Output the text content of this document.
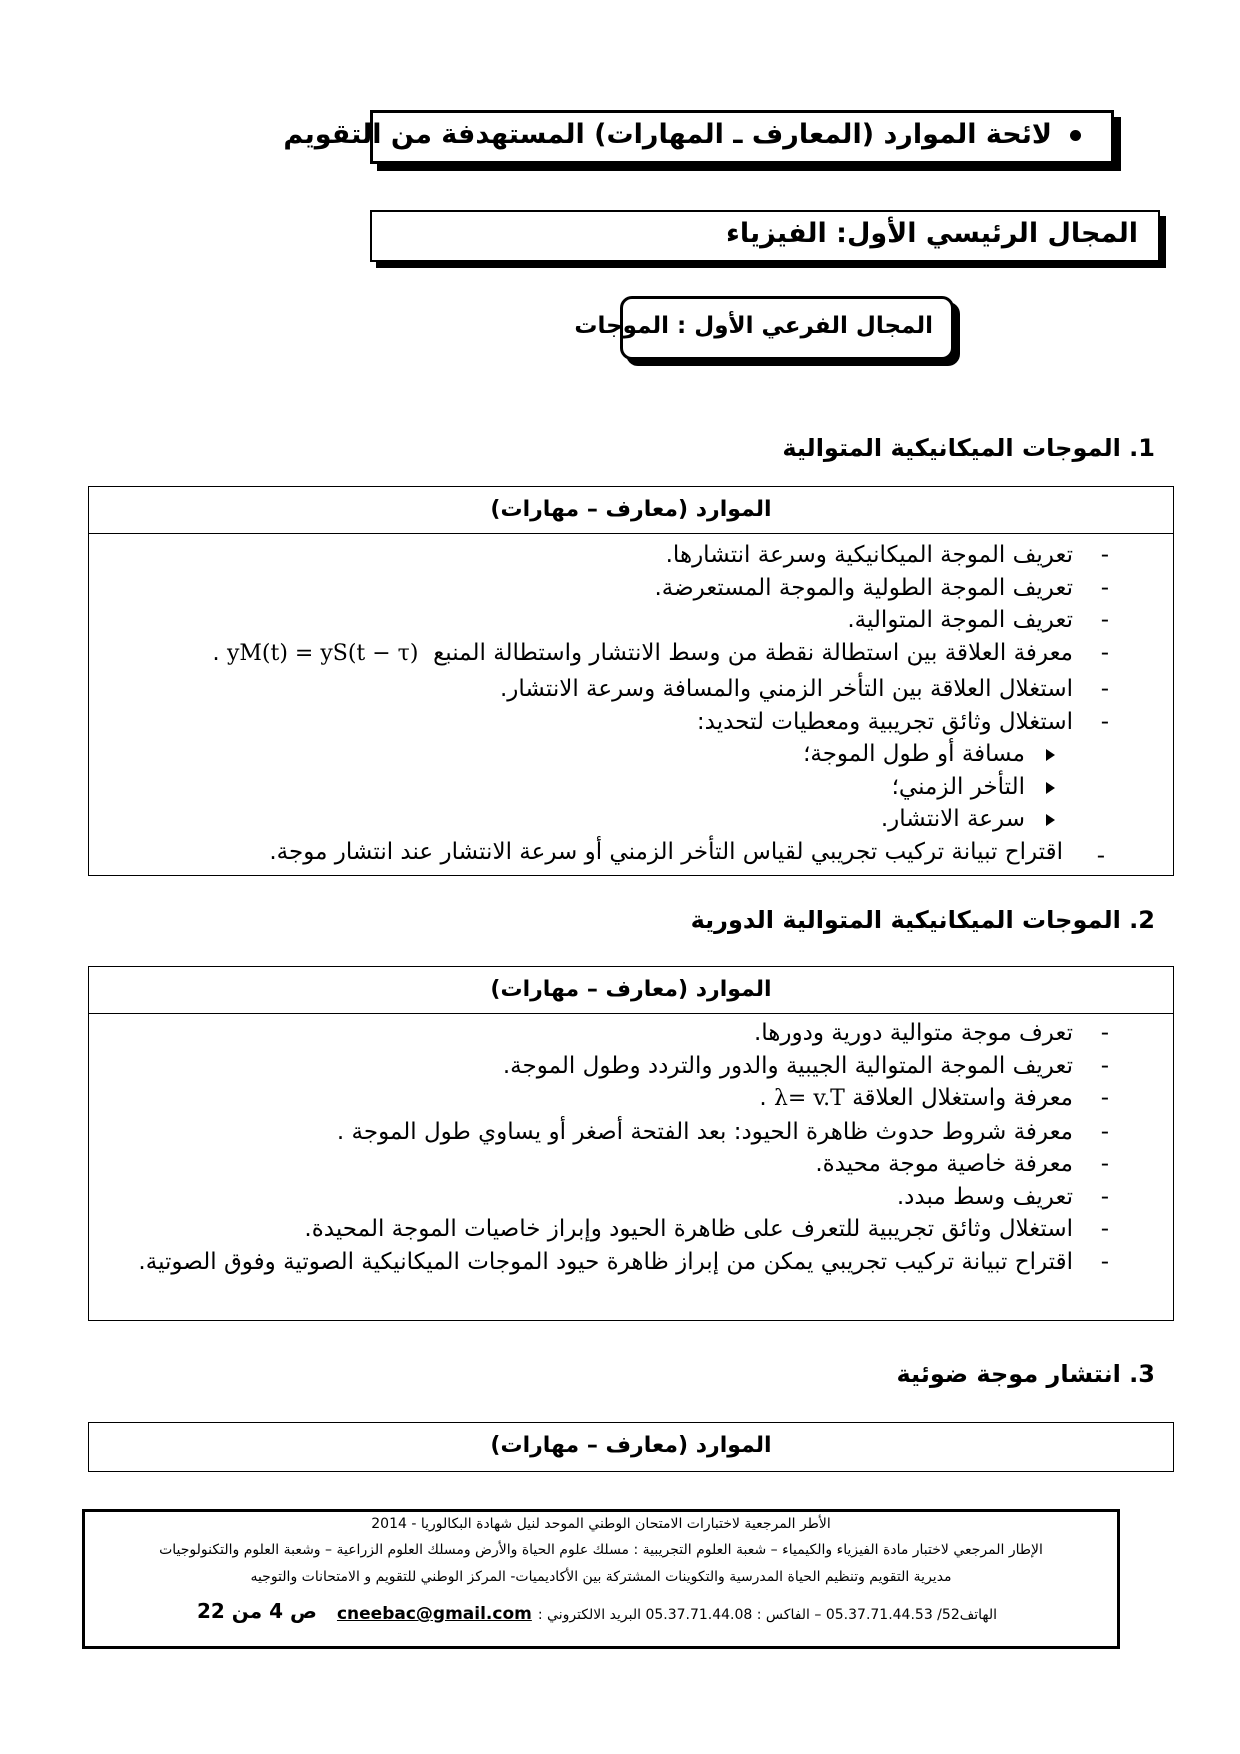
لائحة الموارد (المعارف ـ المهارات) المستهدفة من التقويم
المجال الرئيسي الأول: الفيزياء
المجال الفرعي الأول : الموجات
1. الموجات الميكانيكية المتوالية
الموارد (معارف – مهارات)
-
تعريف الموجة الميكانيكية وسرعة انتشارها.
-
تعريف الموجة الطولية والموجة المستعرضة.
-
تعريف الموجة المتوالية.
-
معرفة العلاقة بين استطالة نقطة من وسط الانتشار واستطالة المنبع  yM(t) = yS(t − τ) .
-
استغلال العلاقة بين التأخر الزمني والمسافة وسرعة الانتشار.
-
استغلال وثائق تجريبية ومعطيات لتحديد:
مسافة أو طول الموجة؛
التأخر الزمني؛
سرعة الانتشار.
-
اقتراح تبيانة تركيب تجريبي لقياس التأخر الزمني أو سرعة الانتشار عند انتشار موجة.
2. الموجات الميكانيكية المتوالية الدورية
الموارد (معارف – مهارات)
-
تعرف موجة متوالية دورية ودورها.
-
تعريف الموجة المتوالية الجيبية والدور والتردد وطول الموجة.
-
معرفة واستغلال العلاقة λ= v.T .
-
معرفة شروط حدوث ظاهرة الحيود: بعد الفتحة أصغر أو يساوي طول الموجة .
-
معرفة خاصية موجة محيدة.
-
تعريف وسط مبدد.
-
استغلال وثائق تجريبية للتعرف على ظاهرة الحيود وإبراز خاصيات الموجة المحيدة.
-
اقتراح تبيانة تركيب تجريبي يمكن من إبراز ظاهرة حيود الموجات الميكانيكية الصوتية وفوق الصوتية.
3. انتشار موجة ضوئية
الموارد (معارف – مهارات)
الأطر المرجعية لاختبارات الامتحان الوطني الموحد لنيل شهادة البكالوريا - 2014
الإطار المرجعي لاختبار مادة الفيزياء والكيمياء – شعبة العلوم التجريبية : مسلك علوم الحياة والأرض ومسلك العلوم الزراعية – وشعبة العلوم والتكنولوجيات
مديرية التقويم وتنظيم الحياة المدرسية والتكوينات المشتركة بين الأكاديميات- المركز الوطني للتقويم و الامتحانات والتوجيه
الهاتف52/ 05.37.71.44.53 – الفاكس : 05.37.71.44.08 البريد الالكتروني :cneebac@gmail.com
ص 4 من 22
